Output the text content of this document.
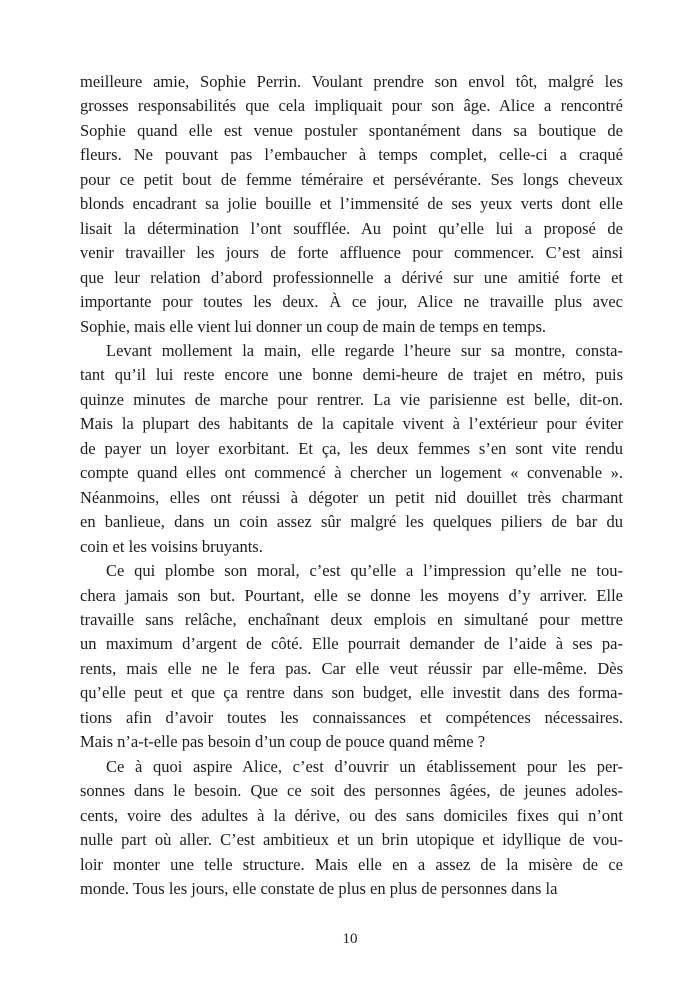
meilleure amie, Sophie Perrin. Voulant prendre son envol tôt, malgré les
grosses responsabilités que cela impliquait pour son âge. Alice a rencontré
Sophie quand elle est venue postuler spontanément dans sa boutique de
fleurs. Ne pouvant pas l’embaucher à temps complet, celle-ci a craqué
pour ce petit bout de femme téméraire et persévérante. Ses longs cheveux
blonds encadrant sa jolie bouille et l’immensité de ses yeux verts dont elle
lisait la détermination l’ont soufflée. Au point qu’elle lui a proposé de
venir travailler les jours de forte affluence pour commencer. C’est ainsi
que leur relation d’abord professionnelle a dérivé sur une amitié forte et
importante pour toutes les deux. À ce jour, Alice ne travaille plus avec
Sophie, mais elle vient lui donner un coup de main de temps en temps.
Levant mollement la main, elle regarde l’heure sur sa montre, consta-
tant qu’il lui reste encore une bonne demi-heure de trajet en métro, puis
quinze minutes de marche pour rentrer. La vie parisienne est belle, dit-on.
Mais la plupart des habitants de la capitale vivent à l’extérieur pour éviter
de payer un loyer exorbitant. Et ça, les deux femmes s’en sont vite rendu
compte quand elles ont commencé à chercher un logement « convenable ».
Néanmoins, elles ont réussi à dégoter un petit nid douillet très charmant
en banlieue, dans un coin assez sûr malgré les quelques piliers de bar du
coin et les voisins bruyants.
Ce qui plombe son moral, c’est qu’elle a l’impression qu’elle ne tou-
chera jamais son but. Pourtant, elle se donne les moyens d’y arriver. Elle
travaille sans relâche, enchaînant deux emplois en simultané pour mettre
un maximum d’argent de côté. Elle pourrait demander de l’aide à ses pa-
rents, mais elle ne le fera pas. Car elle veut réussir par elle-même. Dès
qu’elle peut et que ça rentre dans son budget, elle investit dans des forma-
tions afin d’avoir toutes les connaissances et compétences nécessaires.
Mais n’a-t-elle pas besoin d’un coup de pouce quand même ?
Ce à quoi aspire Alice, c’est d’ouvrir un établissement pour les per-
sonnes dans le besoin. Que ce soit des personnes âgées, de jeunes adoles-
cents, voire des adultes à la dérive, ou des sans domiciles fixes qui n’ont
nulle part où aller. C’est ambitieux et un brin utopique et idyllique de vou-
loir monter une telle structure. Mais elle en a assez de la misère de ce
monde. Tous les jours, elle constate de plus en plus de personnes dans la
10
